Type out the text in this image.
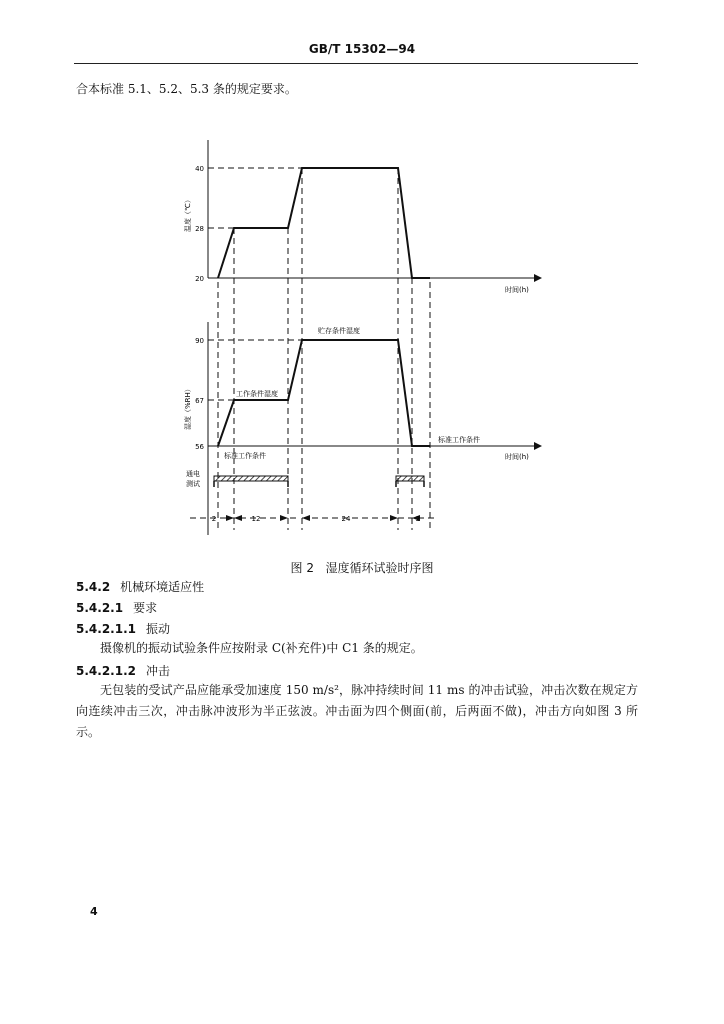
GB/T 15302—94
合本标准 5.1、5.2、5.3 条的规定要求。
40
28
20
90
67
56
温度（℃）
湿度（%RH）
时间(h)
时间(h)
贮存条件湿度
工作条件湿度
标准工作条件
标准工作条件
通电
测试
2	12	24	2
图 2 湿度循环试验时序图
5.4.2 机械环境适应性
5.4.2.1 要求
5.4.2.1.1 振动
摄像机的振动试验条件应按附录 C(补充件)中 C1 条的规定。
5.4.2.1.2 冲击
无包装的受试产品应能承受加速度 150 m/s²，脉冲持续时间 11 ms 的冲击试验，冲击次数在规定方向连续冲击三次，冲击脉冲波形为半正弦波。冲击面为四个侧面(前，后两面不做)，冲击方向如图 3 所示。
4
